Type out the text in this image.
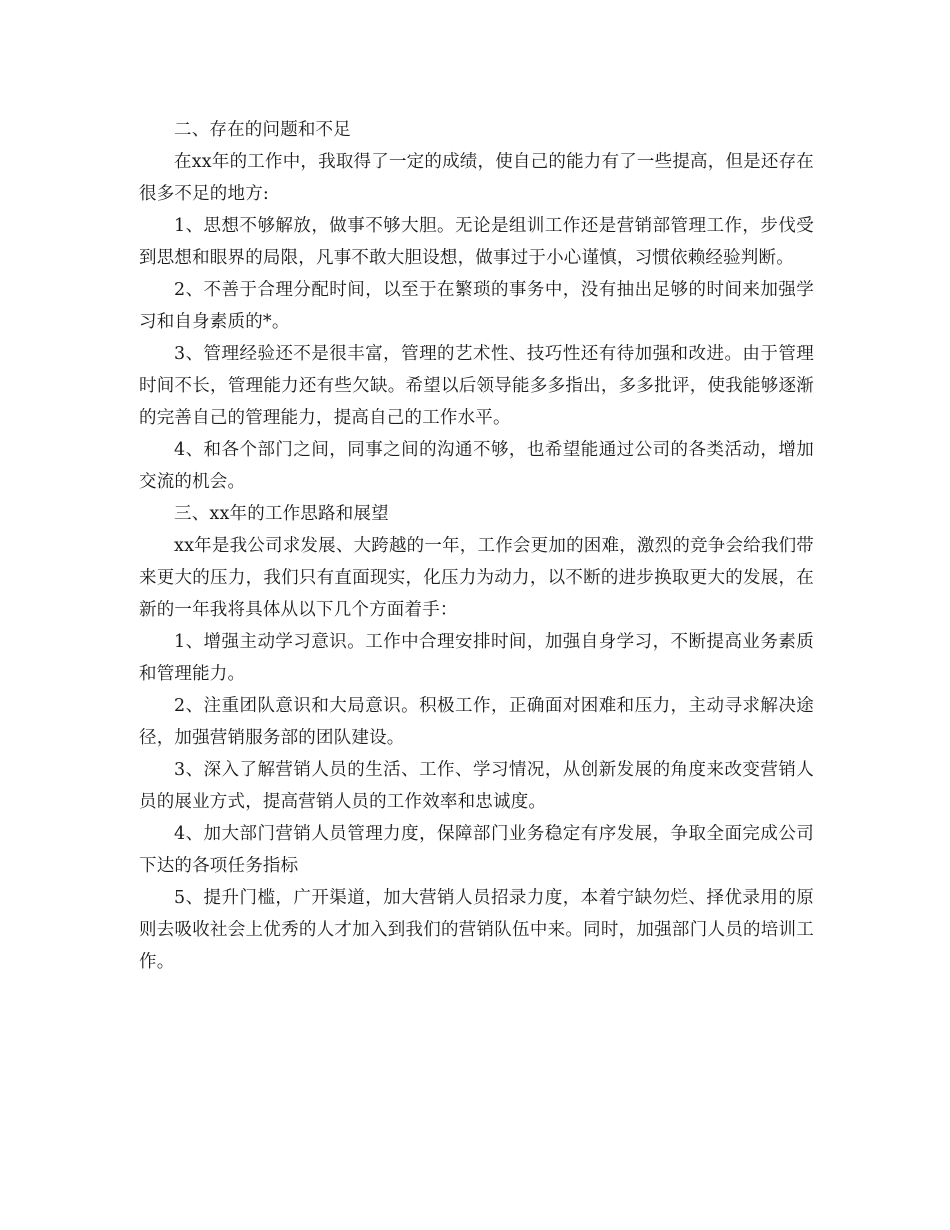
二、存在的问题和不足

在xx年的工作中，我取得了一定的成绩，使自己的能力有了一些提高，但是还存在很多不足的地方:

1、思想不够解放，做事不够大胆。无论是组训工作还是营销部管理工作，步伐受到思想和眼界的局限，凡事不敢大胆设想，做事过于小心谨慎，习惯依赖经验判断。

2、不善于合理分配时间，以至于在繁琐的事务中，没有抽出足够的时间来加强学习和自身素质的*。

3、管理经验还不是很丰富，管理的艺术性、技巧性还有待加强和改进。由于管理时间不长，管理能力还有些欠缺。希望以后领导能多多指出，多多批评，使我能够逐渐的完善自己的管理能力，提高自己的工作水平。

4、和各个部门之间，同事之间的沟通不够，也希望能通过公司的各类活动，增加交流的机会。

三、xx年的工作思路和展望

xx年是我公司求发展、大跨越的一年，工作会更加的困难，激烈的竞争会给我们带来更大的压力，我们只有直面现实，化压力为动力，以不断的进步换取更大的发展，在新的一年我将具体从以下几个方面着手：

1、增强主动学习意识。工作中合理安排时间，加强自身学习，不断提高业务素质和管理能力。

2、注重团队意识和大局意识。积极工作，正确面对困难和压力，主动寻求解决途径，加强营销服务部的团队建设。

3、深入了解营销人员的生活、工作、学习情况，从创新发展的角度来改变营销人员的展业方式，提高营销人员的工作效率和忠诚度。

4、加大部门营销人员管理力度，保障部门业务稳定有序发展，争取全面完成公司下达的各项任务指标

5、提升门槛，广开渠道，加大营销人员招录力度，本着宁缺勿烂、择优录用的原则去吸收社会上优秀的人才加入到我们的营销队伍中来。同时，加强部门人员的培训工作。
